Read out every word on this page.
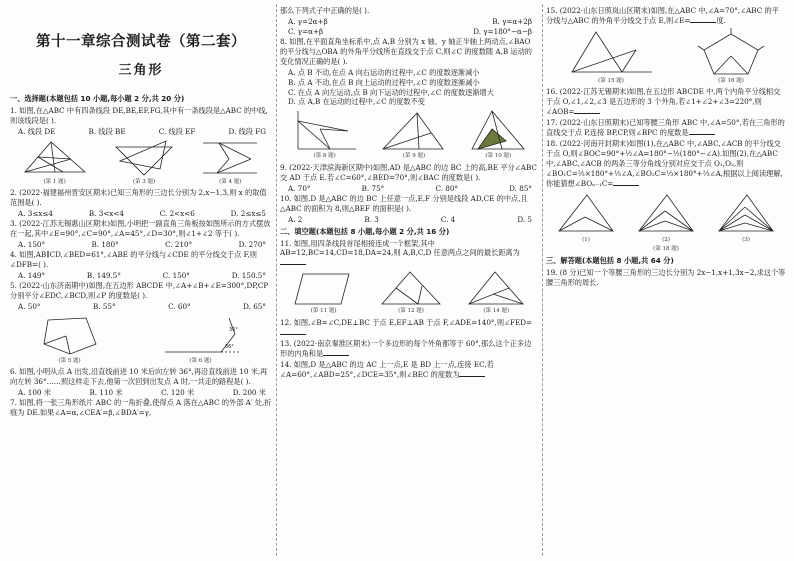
第十一章综合测试卷（第二套）
三角形
一、选择题(本题包括 10 小题,每小题 2 分,共 20 分)
1. 如图,在△ABC 中有四条线段 DE,BE,EF,FG,其中有一条线段是△ABC 的中线,则该线段是( ).
A. 线段 DE	B. 线段 BE	C. 线段 EF	D. 线段 FG
(第 1 题)	(第 3 题)	(第 4 题)
2. (2022·福建福州晋安区期末)已知三角形的三边长分别为 2,x−1,3,则 x 的取值范围是( ).
A. 3≤x≤4	B. 3<x<4	C. 2<x<6	D. 2≤x≤5
3. (2022·江苏无锡惠山区期末)如图,小明把一副直角三角板按如图所示的方式摆放在一起,其中∠E=90°,∠C=90°,∠A=45°,∠D=30°,则∠1+∠2 等于( ).
A. 150°	B. 180°	C. 210°	D. 270°
4. 如图,AB∥CD,∠BED=61°,∠ABE 的平分线与∠CDE 的平分线交于点 F,则∠DFB=( ).
A. 149°	B. 149.5°	C. 150°	D. 150.5°
5. (2022·山东济南期中)如图,在五边形 ABCDE 中,∠A+∠B+∠E=300°,DP,CP 分别平分∠EDC,∠BCD,则∠P 的度数是( ).
A. 50°	B. 55°	C. 60°	D. 65°
(第 5 题)
36°
36°
(第 6 题)
6. 如图,小明从点 A 出发,沿直线前进 10 米后向左转 36°,再沿直线前进 10 米,再向左转 36°……照这样走下去,他第一次回到出发点 A 时,一共走的路程是( ).
A. 100 米	B. 110 米	C. 120 米	D. 200 米
7. 如图,将一张三角形纸片 ABC 的一角折叠,使得点 A 落在△ABC 的外部 A′ 处,折痕为 DE.如果∠A=α,∠CEA′=β,∠BDA′=γ,
那么下列式子中正确的是( ).
A. γ=2α+β	B. γ=α+2β
C. γ=α+β	D. γ=180°−α−β
8. 如图,在平面直角坐标系中,点 A,B 分别为 x 轴、y 轴正半轴上两动点,∠BAO 的平分线与△OBA 的外角平分线所在直线交于点 C,则∠C 的度数随 A,B 运动的变化情况正确的是( ).
A. 点 B 不动,在点 A 向右运动的过程中,∠C 的度数逐渐减小
B. 点 A 不动,在点 B 向上运动的过程中,∠C 的度数逐渐减小
C. 在点 A 向左运动,点 B 向下运动的过程中,∠C 的度数逐渐增大
D. 点 A,B 在运动的过程中,∠C 的度数不变
(第 8 题)	(第 9 题)	(第 10 题)
9. (2022·天津滨海新区期中)如图,AD 是△ABC 的边 BC 上的高,BE 平分∠ABC 交 AD 于点 E.若∠C=60°,∠BED=70°,则∠BAC 的度数是( ).
A. 70°	B. 75°	C. 80°	D. 85°
10. 如图,D 是△ABC 的边 BC 上任意一点,E,F 分别是线段 AD,CE 的中点,且△ABC 的面积为 8,则△BEF 的面积是( ).
A. 2	B. 3	C. 4	D. 5
二、填空题(本题包括 8 小题,每小题 2 分,共 16 分)
11. 如图,用四条线段首尾相接连成一个框架,其中 AB=12,BC=14,CD=18,DA=24,则 A,B,C,D 任意两点之间的最长距离为
(第 11 题)	(第 12 题)	(第 14 题)
12. 如图,∠B=∠C,DE⊥BC 于点 E,EF⊥AB 于点 F,∠ADE=140°,则∠FED=
13. (2022·南京秦淮区期末)一个多边形的每个外角都等于 60°,那么这个正多边形的内角和是
14. 如图,D 是△ABC 的边 AC 上一点,E 是 BD 上一点,连接 EC,若∠A=60°,∠ABD=25°,∠DCE=35°,则∠BEC 的度数为
15. (2022·山东日照岚山区期末)如图,在△ABC 中,∠A=70°,∠ABC 的平分线与△ABC 的外角平分线交于点 E,则∠E=	度.
(第 15 题)	(第 16 题)
16. (2022·江苏无锡期末)如图,在五边形 ABCDE 中,两个内角平分线相交于点 O,∠1,∠2,∠3 是五边形的 3 个外角,若∠1+∠2+∠3=220°,则∠AOB=
17. (2022·山东日照期末)已知等腰三角形 ABC 中,∠A=50°,若在三角形的直线交于点 P,连接 BP,CP,则∠BPC 的度数是
18. (2022·河南开封期末)如图(1),在△ABC 中,∠ABC,∠ACB 的平分线交于点 O,则∠BOC=90°+½∠A=180°−½(180°−∠A).如图(2),在△ABC 中,∠ABC,∠ACB 的两条三等分角线分别对应交于点 O₁,O₂,则∠BO₁C=⅔×180°+⅓∠A,∠BO₂C=⅓×180°+⅔∠A,根据以上阅读理解,你能猜想∠BOₙ₋₁C=
(1)	(2)	(3)
(第 18 题)
三、解答题(本题包括 8 小题,共 64 分)
19. (8 分)已知一个等腰三角形的三边长分别为 2x−1,x+1,3x−2,求这个等腰三角形的周长.
